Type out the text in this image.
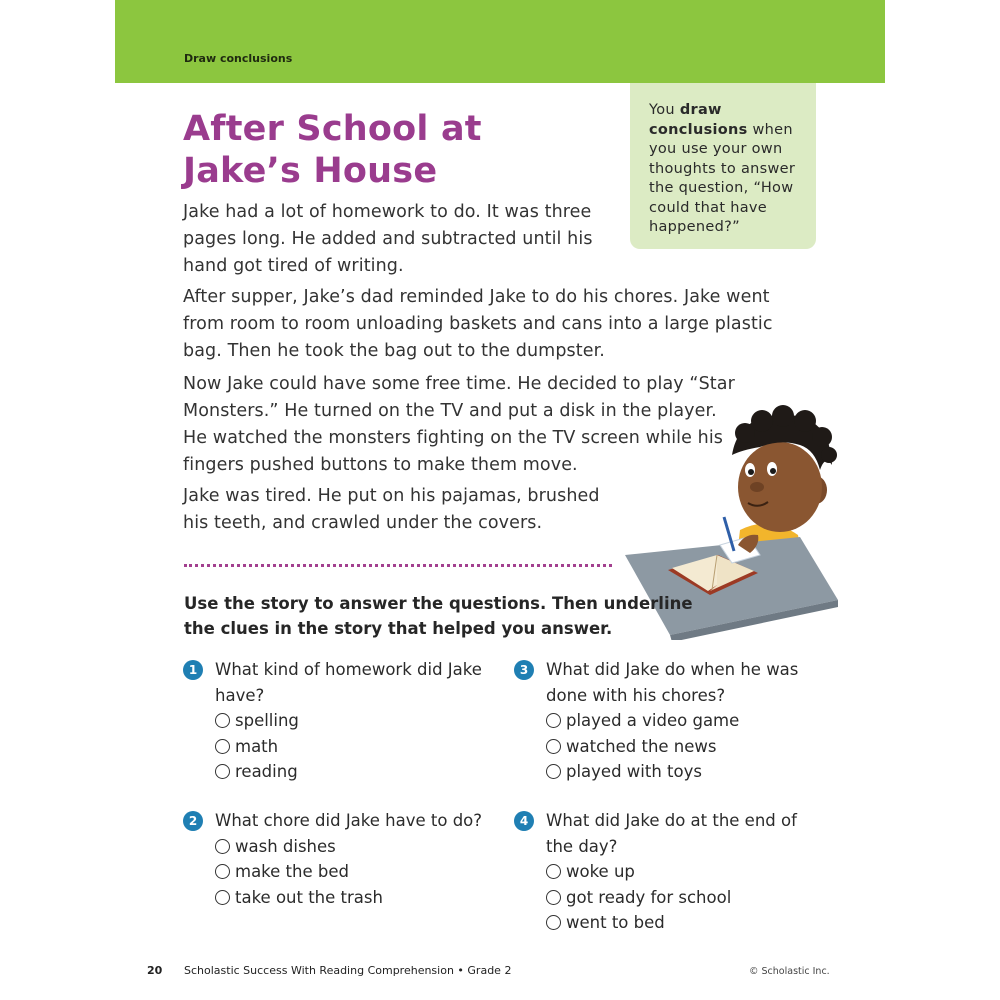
Draw conclusions
After School at Jake’s House
You draw conclusions when you use your own thoughts to answer the question, “How could that have happened?”

Jake had a lot of homework to do. It was three pages long. He added and subtracted until his hand got tired of writing.

After supper, Jake’s dad reminded Jake to do his chores. Jake went from room to room unloading baskets and cans into a large plastic bag. Then he took the bag out to the dumpster.

Now Jake could have some free time. He decided to play “Star Monsters.” He turned on the TV and put a disk in the player. He watched the monsters fighting on the TV screen while his fingers pushed buttons to make them move.

Jake was tired. He put on his pajamas, brushed his teeth, and crawled under the covers.

Use the story to answer the questions. Then underline the clues in the story that helped you answer.

1	What kind of homework did Jake have?
spelling
math
reading
2	What chore did Jake have to do?
wash dishes
make the bed
take out the trash
3	What did Jake do when he was done with his chores?
played a video game
watched the news
played with toys
4	What did Jake do at the end of the day?
woke up
got ready for school
went to bed
20 Scholastic Success With Reading Comprehension • Grade 2	© Scholastic Inc.
